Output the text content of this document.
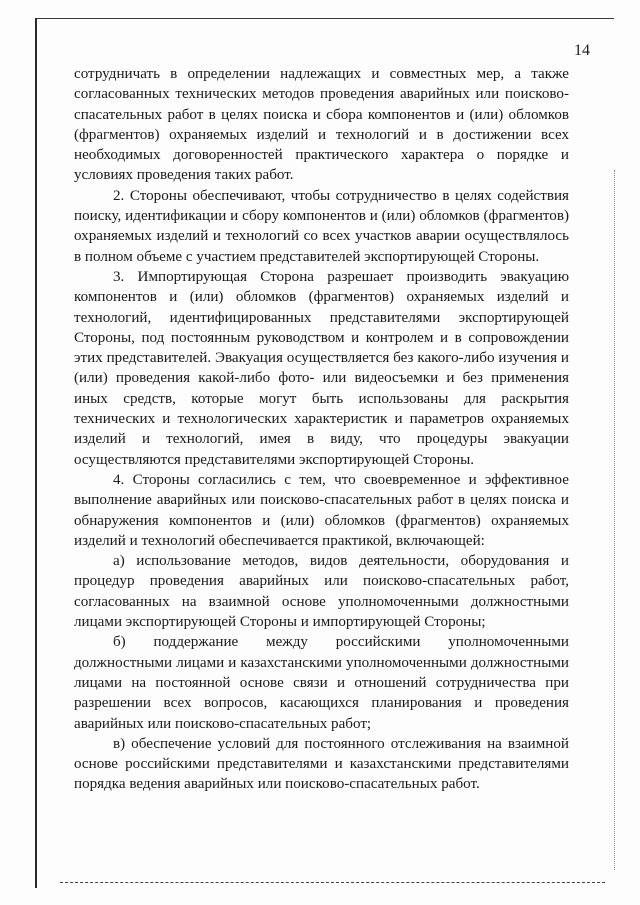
14

сотрудничать в определении надлежащих и совместных мер, а также согласованных технических методов проведения аварийных или поисково-спасательных работ в целях поиска и сбора компонентов и (или) обломков (фрагментов) охраняемых изделий и технологий и в достижении всех необходимых договоренностей практического характера о порядке и условиях проведения таких работ.

2. Стороны обеспечивают, чтобы сотрудничество в целях содействия поиску, идентификации и сбору компонентов и (или) обломков (фрагментов) охраняемых изделий и технологий со всех участков аварии осуществлялось в полном объеме с участием представителей экспортирующей Стороны.

3. Импортирующая Сторона разрешает производить эвакуацию компонентов и (или) обломков (фрагментов) охраняемых изделий и технологий, идентифицированных представителями экспортирующей Стороны, под постоянным руководством и контролем и в сопровождении этих представителей. Эвакуация осуществляется без какого-либо изучения и (или) проведения какой-либо фото- или видеосъемки и без применения иных средств, которые могут быть использованы для раскрытия технических и технологических характеристик и параметров охраняемых изделий и технологий, имея в виду, что процедуры эвакуации осуществляются представителями экспортирующей Стороны.

4. Стороны согласились с тем, что своевременное и эффективное выполнение аварийных или поисково-спасательных работ в целях поиска и обнаружения компонентов и (или) обломков (фрагментов) охраняемых изделий и технологий обеспечивается практикой, включающей:

а) использование методов, видов деятельности, оборудования и процедур проведения аварийных или поисково-спасательных работ, согласованных на взаимной основе уполномоченными должностными лицами экспортирующей Стороны и импортирующей Стороны;

б) поддержание между российскими уполномоченными должностными лицами и казахстанскими уполномоченными должностными лицами на постоянной основе связи и отношений сотрудничества при разрешении всех вопросов, касающихся планирования и проведения аварийных или поисково-спасательных работ;

в) обеспечение условий для постоянного отслеживания на взаимной основе российскими представителями и казахстанскими представителями порядка ведения аварийных или поисково-спасательных работ.
